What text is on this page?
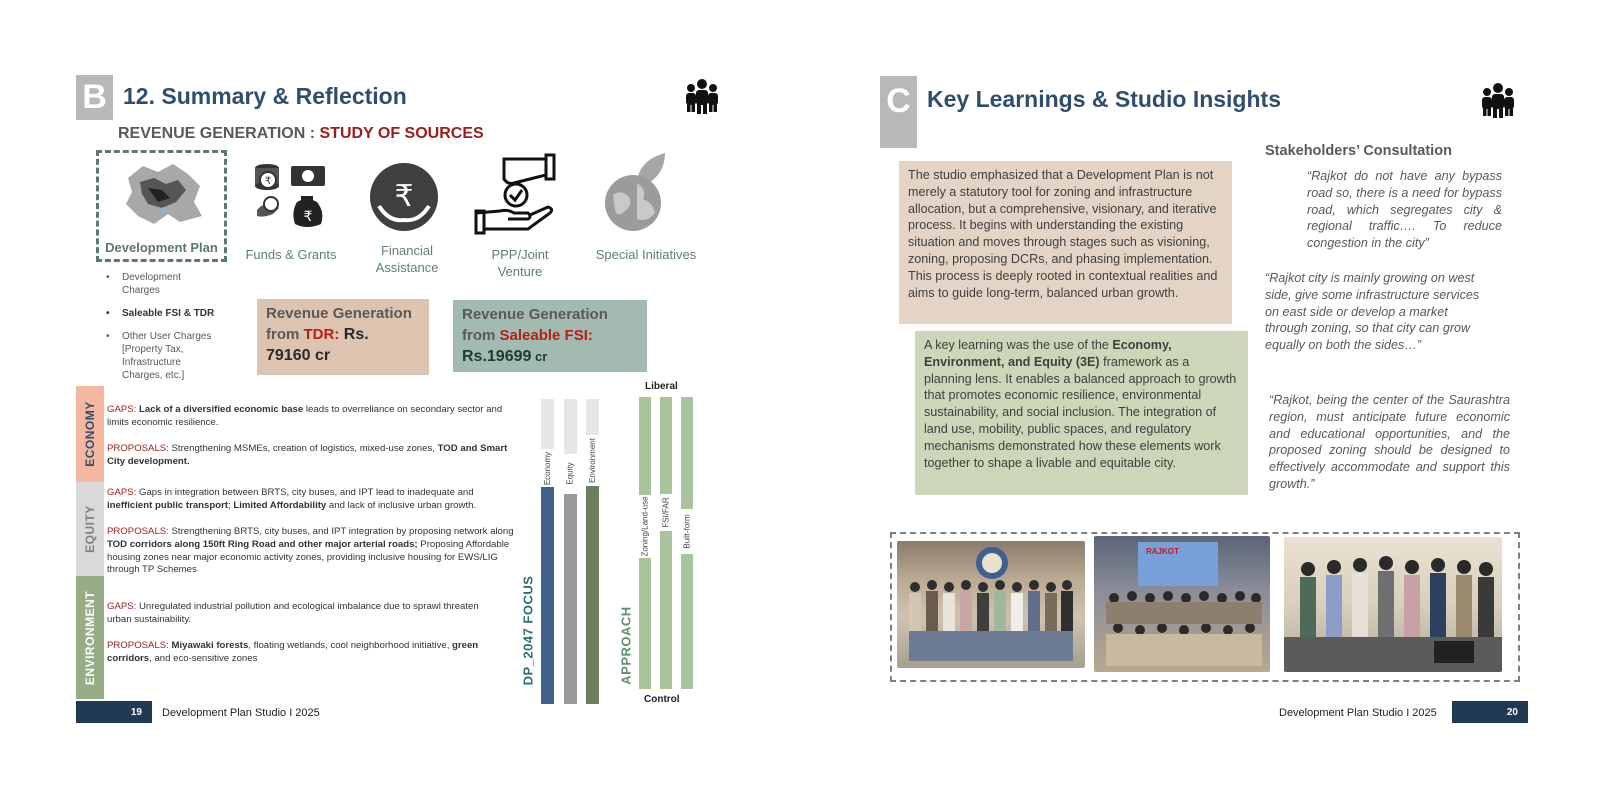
B 12. Summary & Reflection
REVENUE GENERATION : STUDY OF SOURCES
Development Plan
₹
₹
Funds & Grants
₹
Financial
Assistance
PPP/Joint
Venture
Special Initiatives
• Development
Charges
• Saleable FSI & TDR
• Other User Charges
[Property Tax,
Infrastructure
Charges, etc.]
Revenue Generation
from TDR: Rs.
79160 cr
Revenue Generation
from Saleable FSI:
Rs.19699 cr
ECONOMY
EQUITY
ENVIRONMENT
GAPS: Lack of a diversified economic base leads to overreliance on secondary sector and limits economic resilience.
PROPOSALS: Strengthening MSMEs, creation of logistics, mixed-use zones, TOD and Smart City development.
GAPS: Gaps in integration between BRTS, city buses, and IPT lead to inadequate and inefficient public transport; Limited Affordability and lack of inclusive urban growth.
PROPOSALS: Strengthening BRTS, city buses, and IPT integration by proposing network along TOD corridors along 150ft Ring Road and other major arterial roads; Proposing Affordable housing zones near major economic activity zones, providing inclusive housing for EWS/LIG through TP Schemes
GAPS: Unregulated industrial pollution and ecological imbalance due to sprawl threaten urban sustainability.
PROPOSALS: Miyawaki forests, floating wetlands, cool neighborhood initiative, green corridors, and eco-sensitive zones	DP_2047 FOCUS	APPROACH
Economy Equity Environment
Liberal
Control
Zoning/Land-use FSI/FAR
Built-form
19	Development Plan Studio I 2025
C Key Learnings & Studio Insights
The studio emphasized that a Development Plan is not merely a statutory tool for zoning and infrastructure allocation, but a comprehensive, visionary, and iterative process. It begins with understanding the existing situation and moves through stages such as visioning, zoning, proposing DCRs, and phasing implementation. This process is deeply rooted in contextual realities and aims to guide long-term, balanced urban growth.
A key learning was the use of the Economy, Environment, and Equity (3E) framework as a planning lens. It enables a balanced approach to growth that promotes economic resilience, environmental sustainability, and social inclusion. The integration of land use, mobility, public spaces, and regulatory mechanisms demonstrated how these elements work together to shape a livable and equitable city.
Stakeholders’ Consultation
“Rajkot do not have any bypass road so, there is a need for bypass road, which segregates city & regional traffic…. To reduce congestion in the city”
“Rajkot city is mainly growing on west side, give some infrastructure services on east side or develop a market through zoning, so that city can grow equally on both the sides…”
“Rajkot, being the center of the Saurashtra region, must anticipate future economic and educational opportunities, and the proposed zoning should be designed to effectively accommodate and support this growth.”
RAJKOT
Development Plan Studio I 2025	20
